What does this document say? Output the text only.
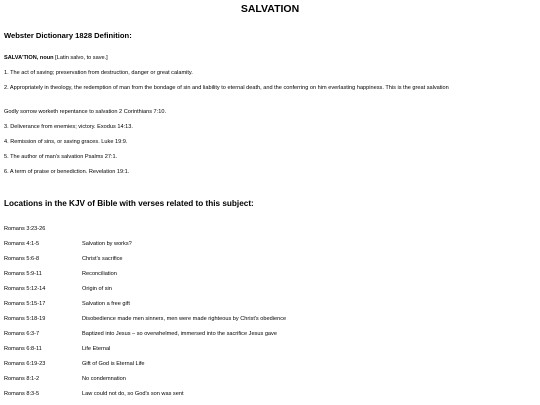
SALVATION
Webster Dictionary 1828 Definition:
SALVA'TION, noun [Latin salvo, to save.]
1. The act of saving; preservation from destruction, danger or great calamity.
2. Appropriately in theology, the redemption of man from the bondage of sin and liability to eternal death, and the conferring on him everlasting happiness. This is the great salvation
Godly sorrow worketh repentance to salvation 2 Corinthians 7:10.
3. Deliverance from enemies; victory. Exodus 14:13.
4. Remission of sins, or saving graces. Luke 19:9.
5. The author of man's salvation Psalms 27:1.
6. A term of praise or benediction. Revelation 19:1.
Locations in the KJV of Bible with verses related to this subject:
Romans 3:23-26
Romans 4:1-5	Salvation by works?
Romans 5:6-8	Christ's sacrifice
Romans 5:9-11	Reconciliation
Romans 5:12-14	Origin of sin
Romans 5:15-17	Salvation a free gift
Romans 5:18-19	Disobedience made men sinners, men were made righteous by Christ's obedience
Romans 6:3-7	Baptized into Jesus – so overwhelmed, immersed into the sacrifice Jesus gave
Romans 6:8-11	Life Eternal
Romans 6:19-23	Gift of God is Eternal Life
Romans 8:1-2	No condemnation
Romans 8:3-5	Law could not do, so God's son was sent
